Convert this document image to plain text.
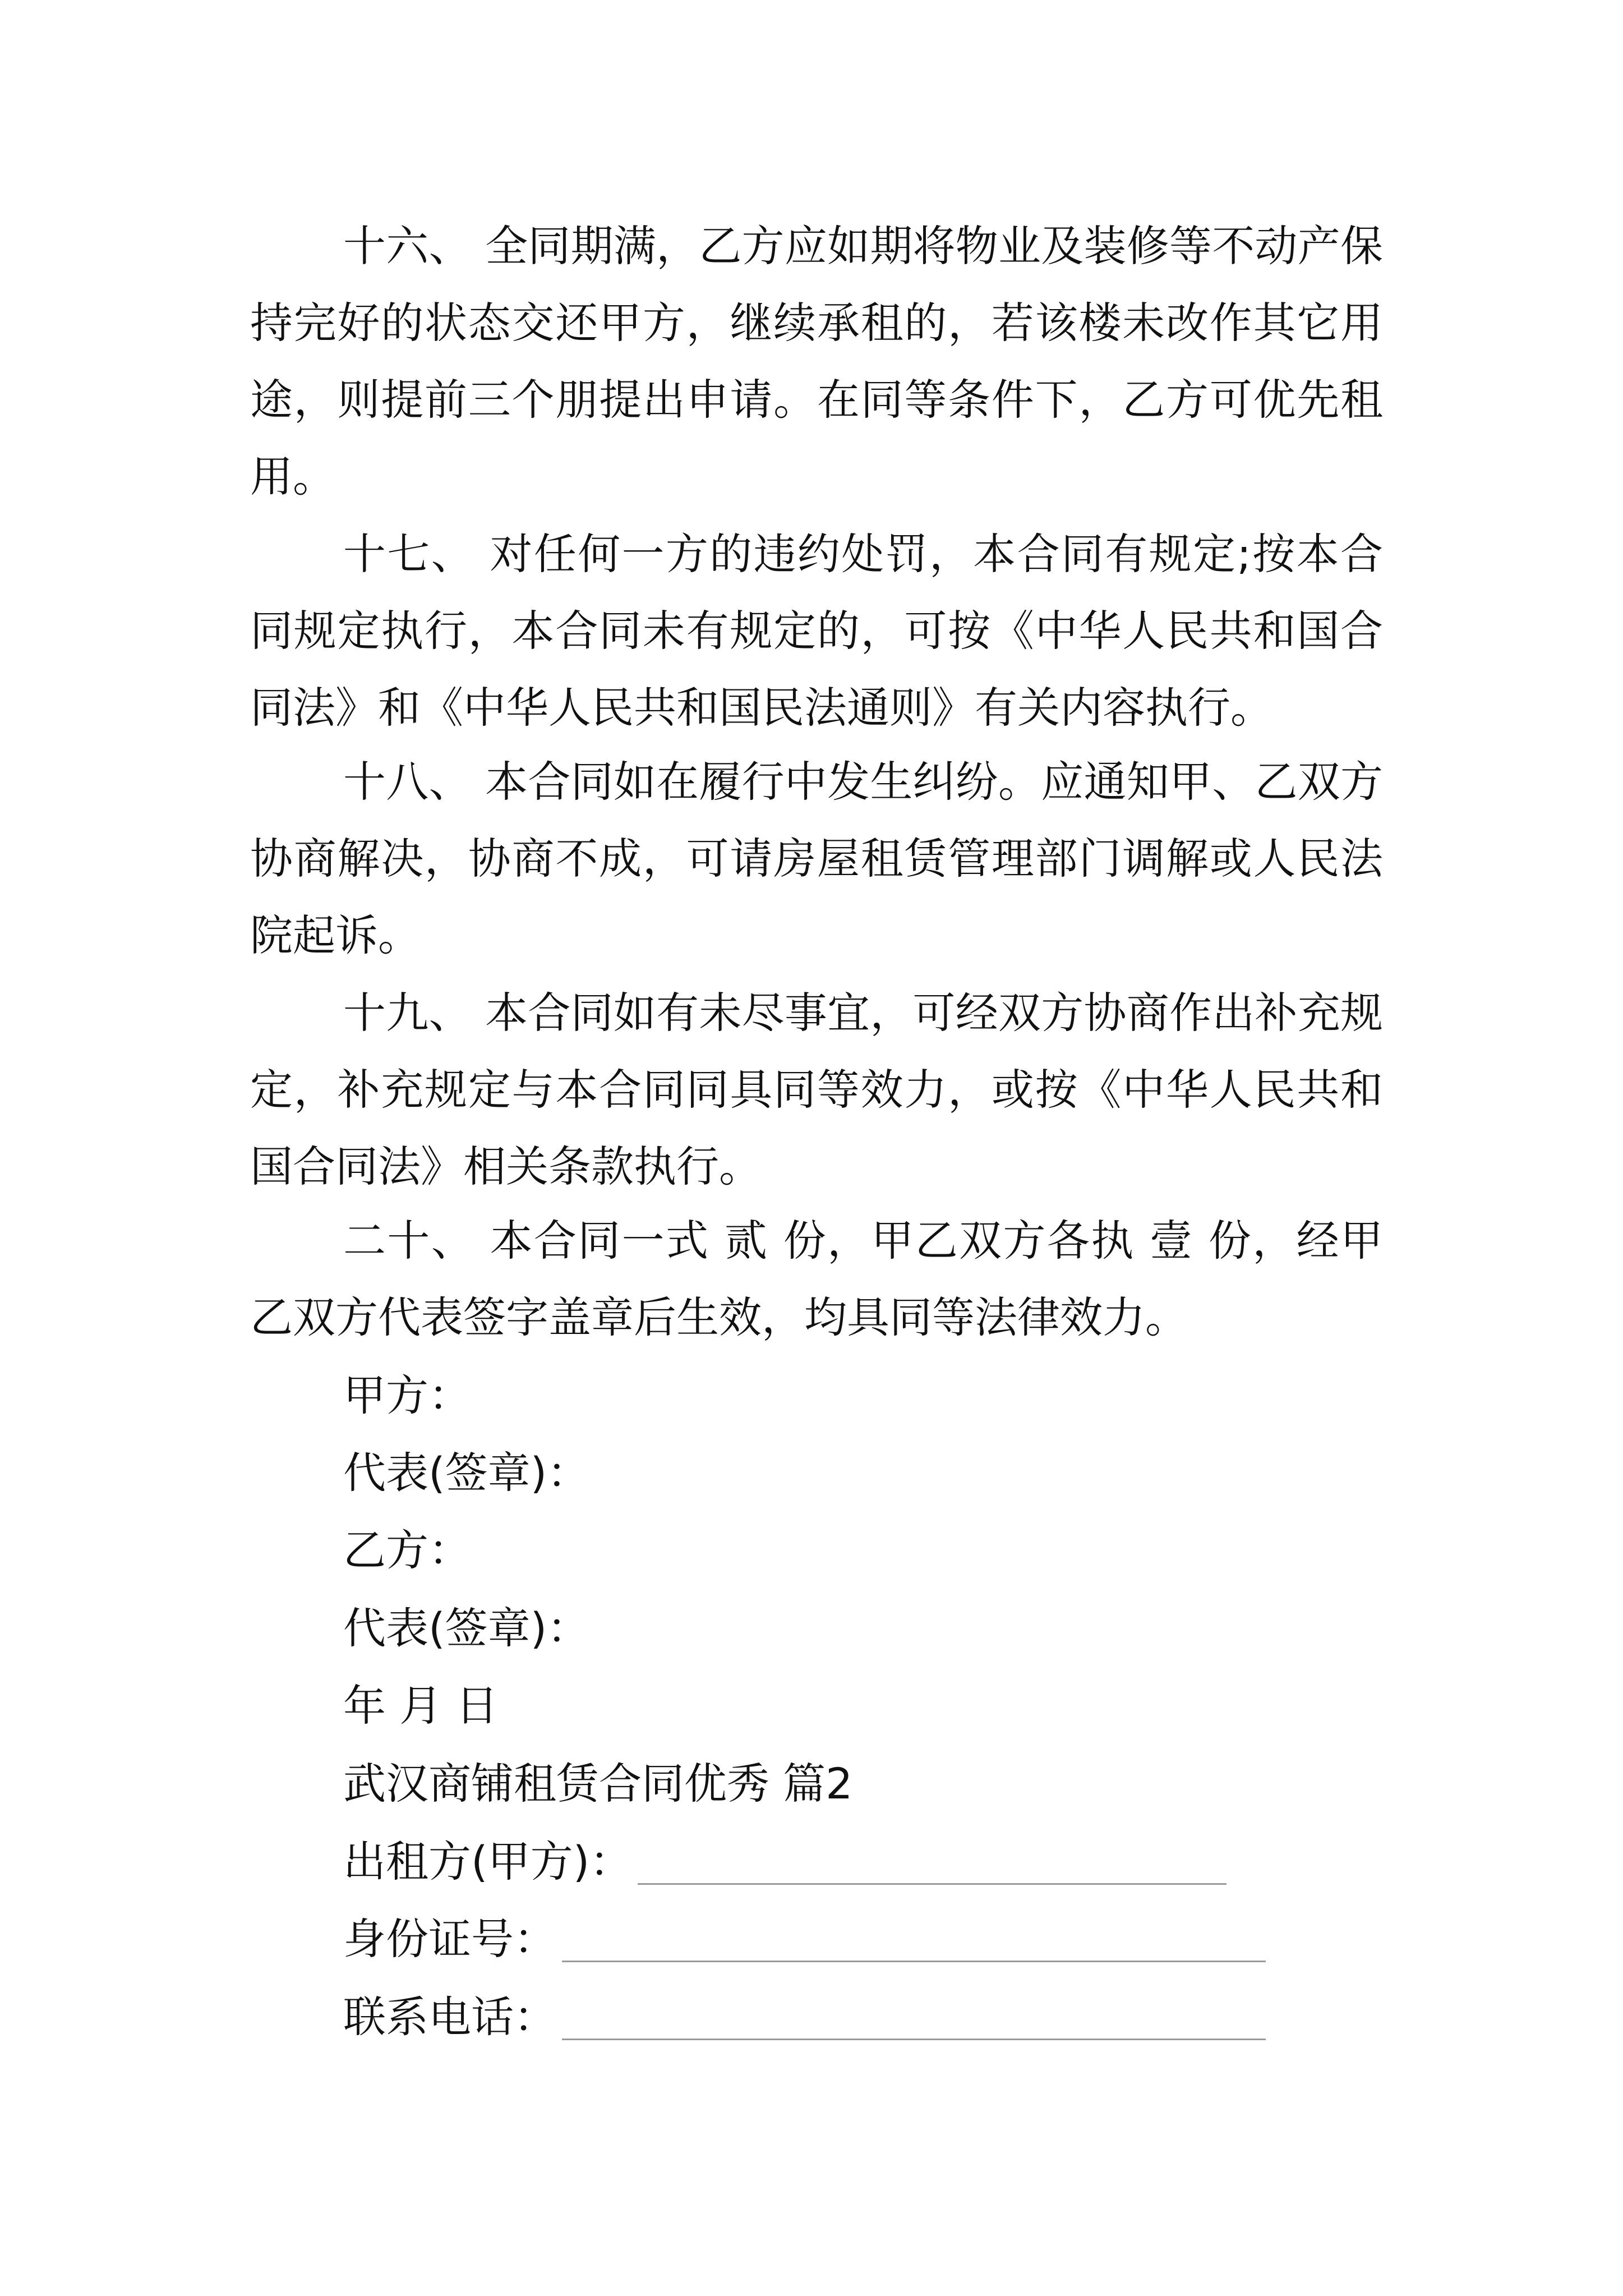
十六、 全同期满，乙方应如期将物业及装修等不动产保持完好的状态交还甲方，继续承租的，若该楼未改作其它用途，则提前三个朋提出申请。在同等条件下，乙方可优先租用。

十七、 对任何一方的违约处罚，本合同有规定;按本合同规定执行，本合同未有规定的，可按《中华人民共和国合同法》和《中华人民共和国民法通则》有关内容执行。

十八、 本合同如在履行中发生纠纷。应通知甲、乙双方协商解决，协商不成，可请房屋租赁管理部门调解或人民法院起诉。

十九、 本合同如有未尽事宜，可经双方协商作出补充规定，补充规定与本合同同具同等效力，或按《中华人民共和国合同法》相关条款执行。

二十、 本合同一式 贰 份，甲乙双方各执 壹 份，经甲乙双方代表签字盖章后生效，均具同等法律效力。

甲方：

代表(签章)：

乙方：

代表(签章)：

年 月 日

武汉商铺租赁合同优秀 篇2

出租方(甲方)：
身份证号：
联系电话：
